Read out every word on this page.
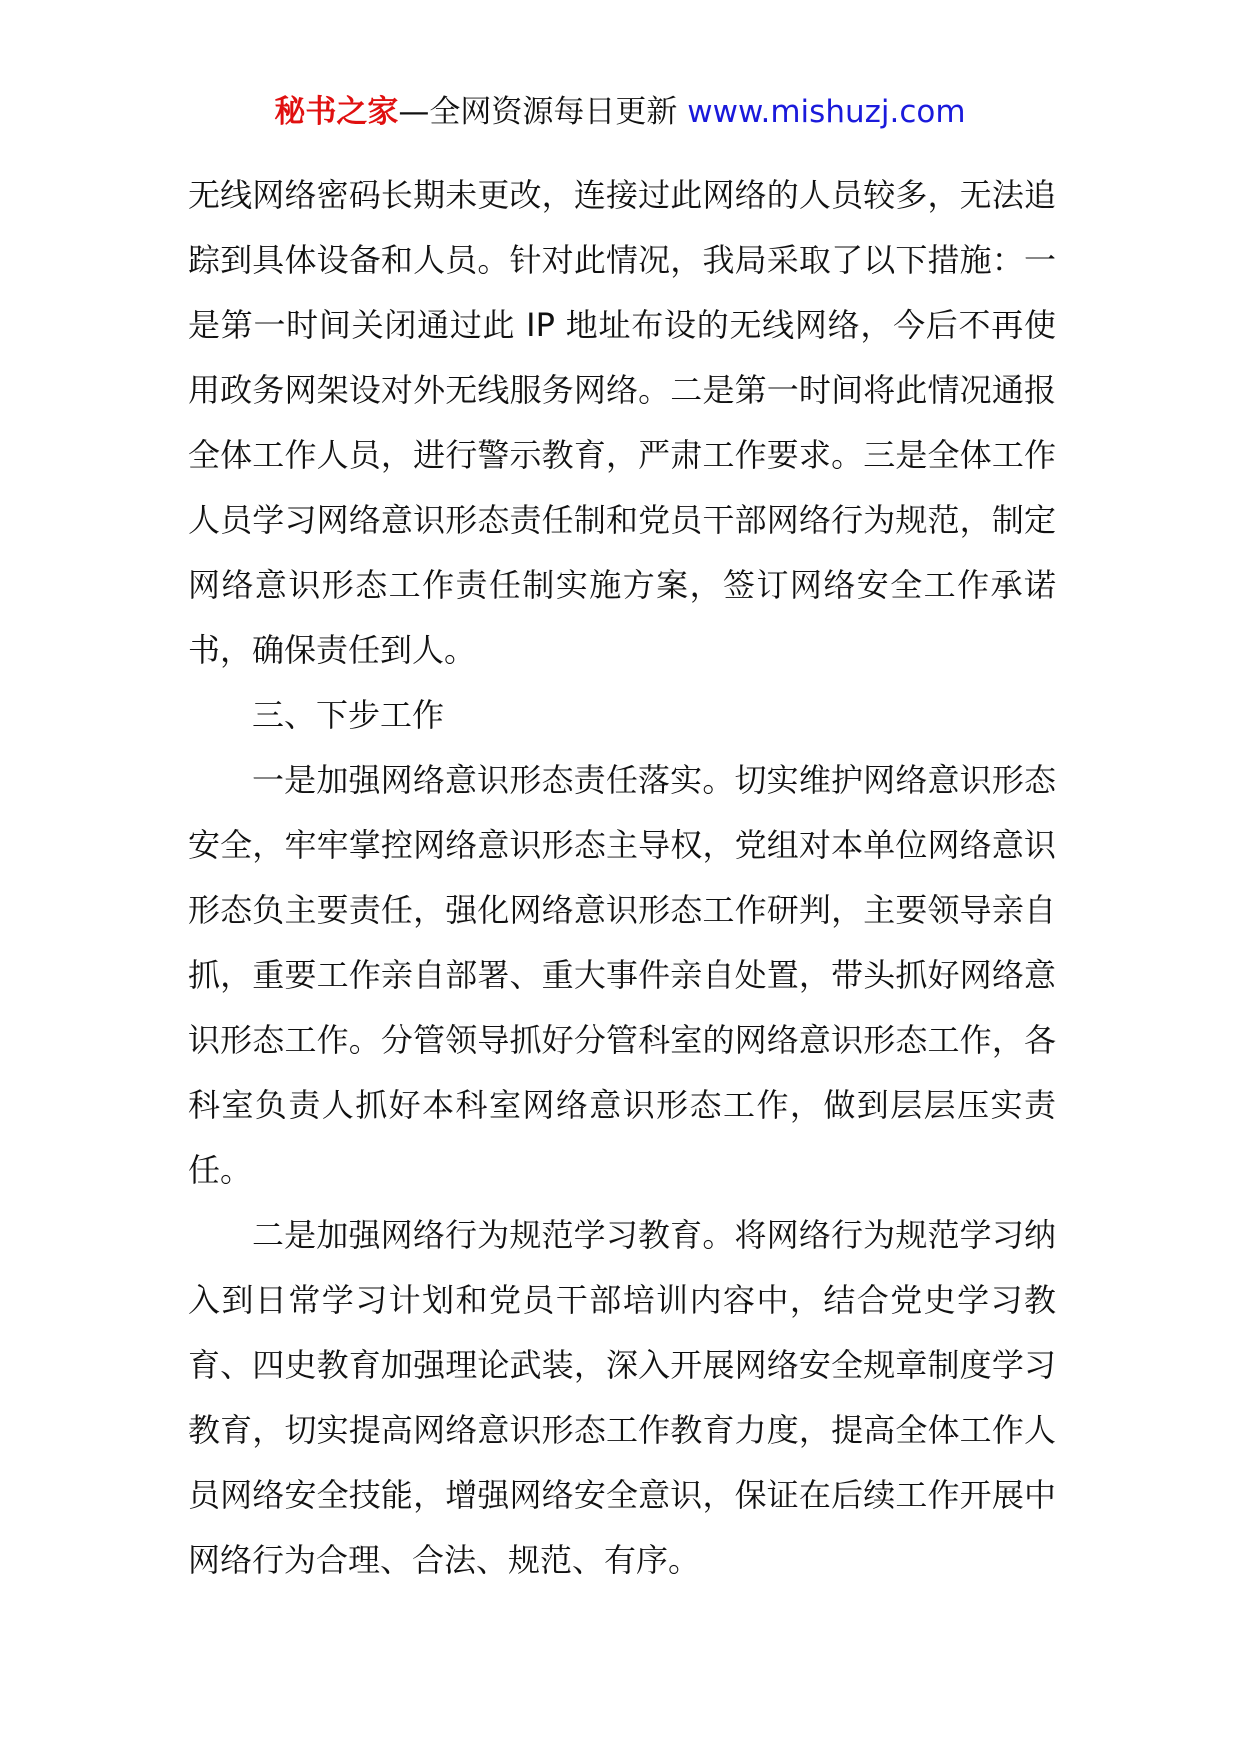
秘书之家—全网资源每日更新 www.mishuzj.com

无线网络密码长期未更改，连接过此网络的人员较多，无法追踪到具体设备和人员。针对此情况，我局采取了以下措施：一是第一时间关闭通过此 IP 地址布设的无线网络，今后不再使用政务网架设对外无线服务网络。二是第一时间将此情况通报全体工作人员，进行警示教育，严肃工作要求。三是全体工作人员学习网络意识形态责任制和党员干部网络行为规范，制定网络意识形态工作责任制实施方案，签订网络安全工作承诺书，确保责任到人。

三、下步工作

一是加强网络意识形态责任落实。切实维护网络意识形态安全，牢牢掌控网络意识形态主导权，党组对本单位网络意识形态负主要责任，强化网络意识形态工作研判，主要领导亲自抓，重要工作亲自部署、重大事件亲自处置，带头抓好网络意识形态工作。分管领导抓好分管科室的网络意识形态工作，各科室负责人抓好本科室网络意识形态工作，做到层层压实责任。

二是加强网络行为规范学习教育。将网络行为规范学习纳入到日常学习计划和党员干部培训内容中，结合党史学习教育、四史教育加强理论武装，深入开展网络安全规章制度学习教育，切实提高网络意识形态工作教育力度，提高全体工作人员网络安全技能，增强网络安全意识，保证在后续工作开展中网络行为合理、合法、规范、有序。
